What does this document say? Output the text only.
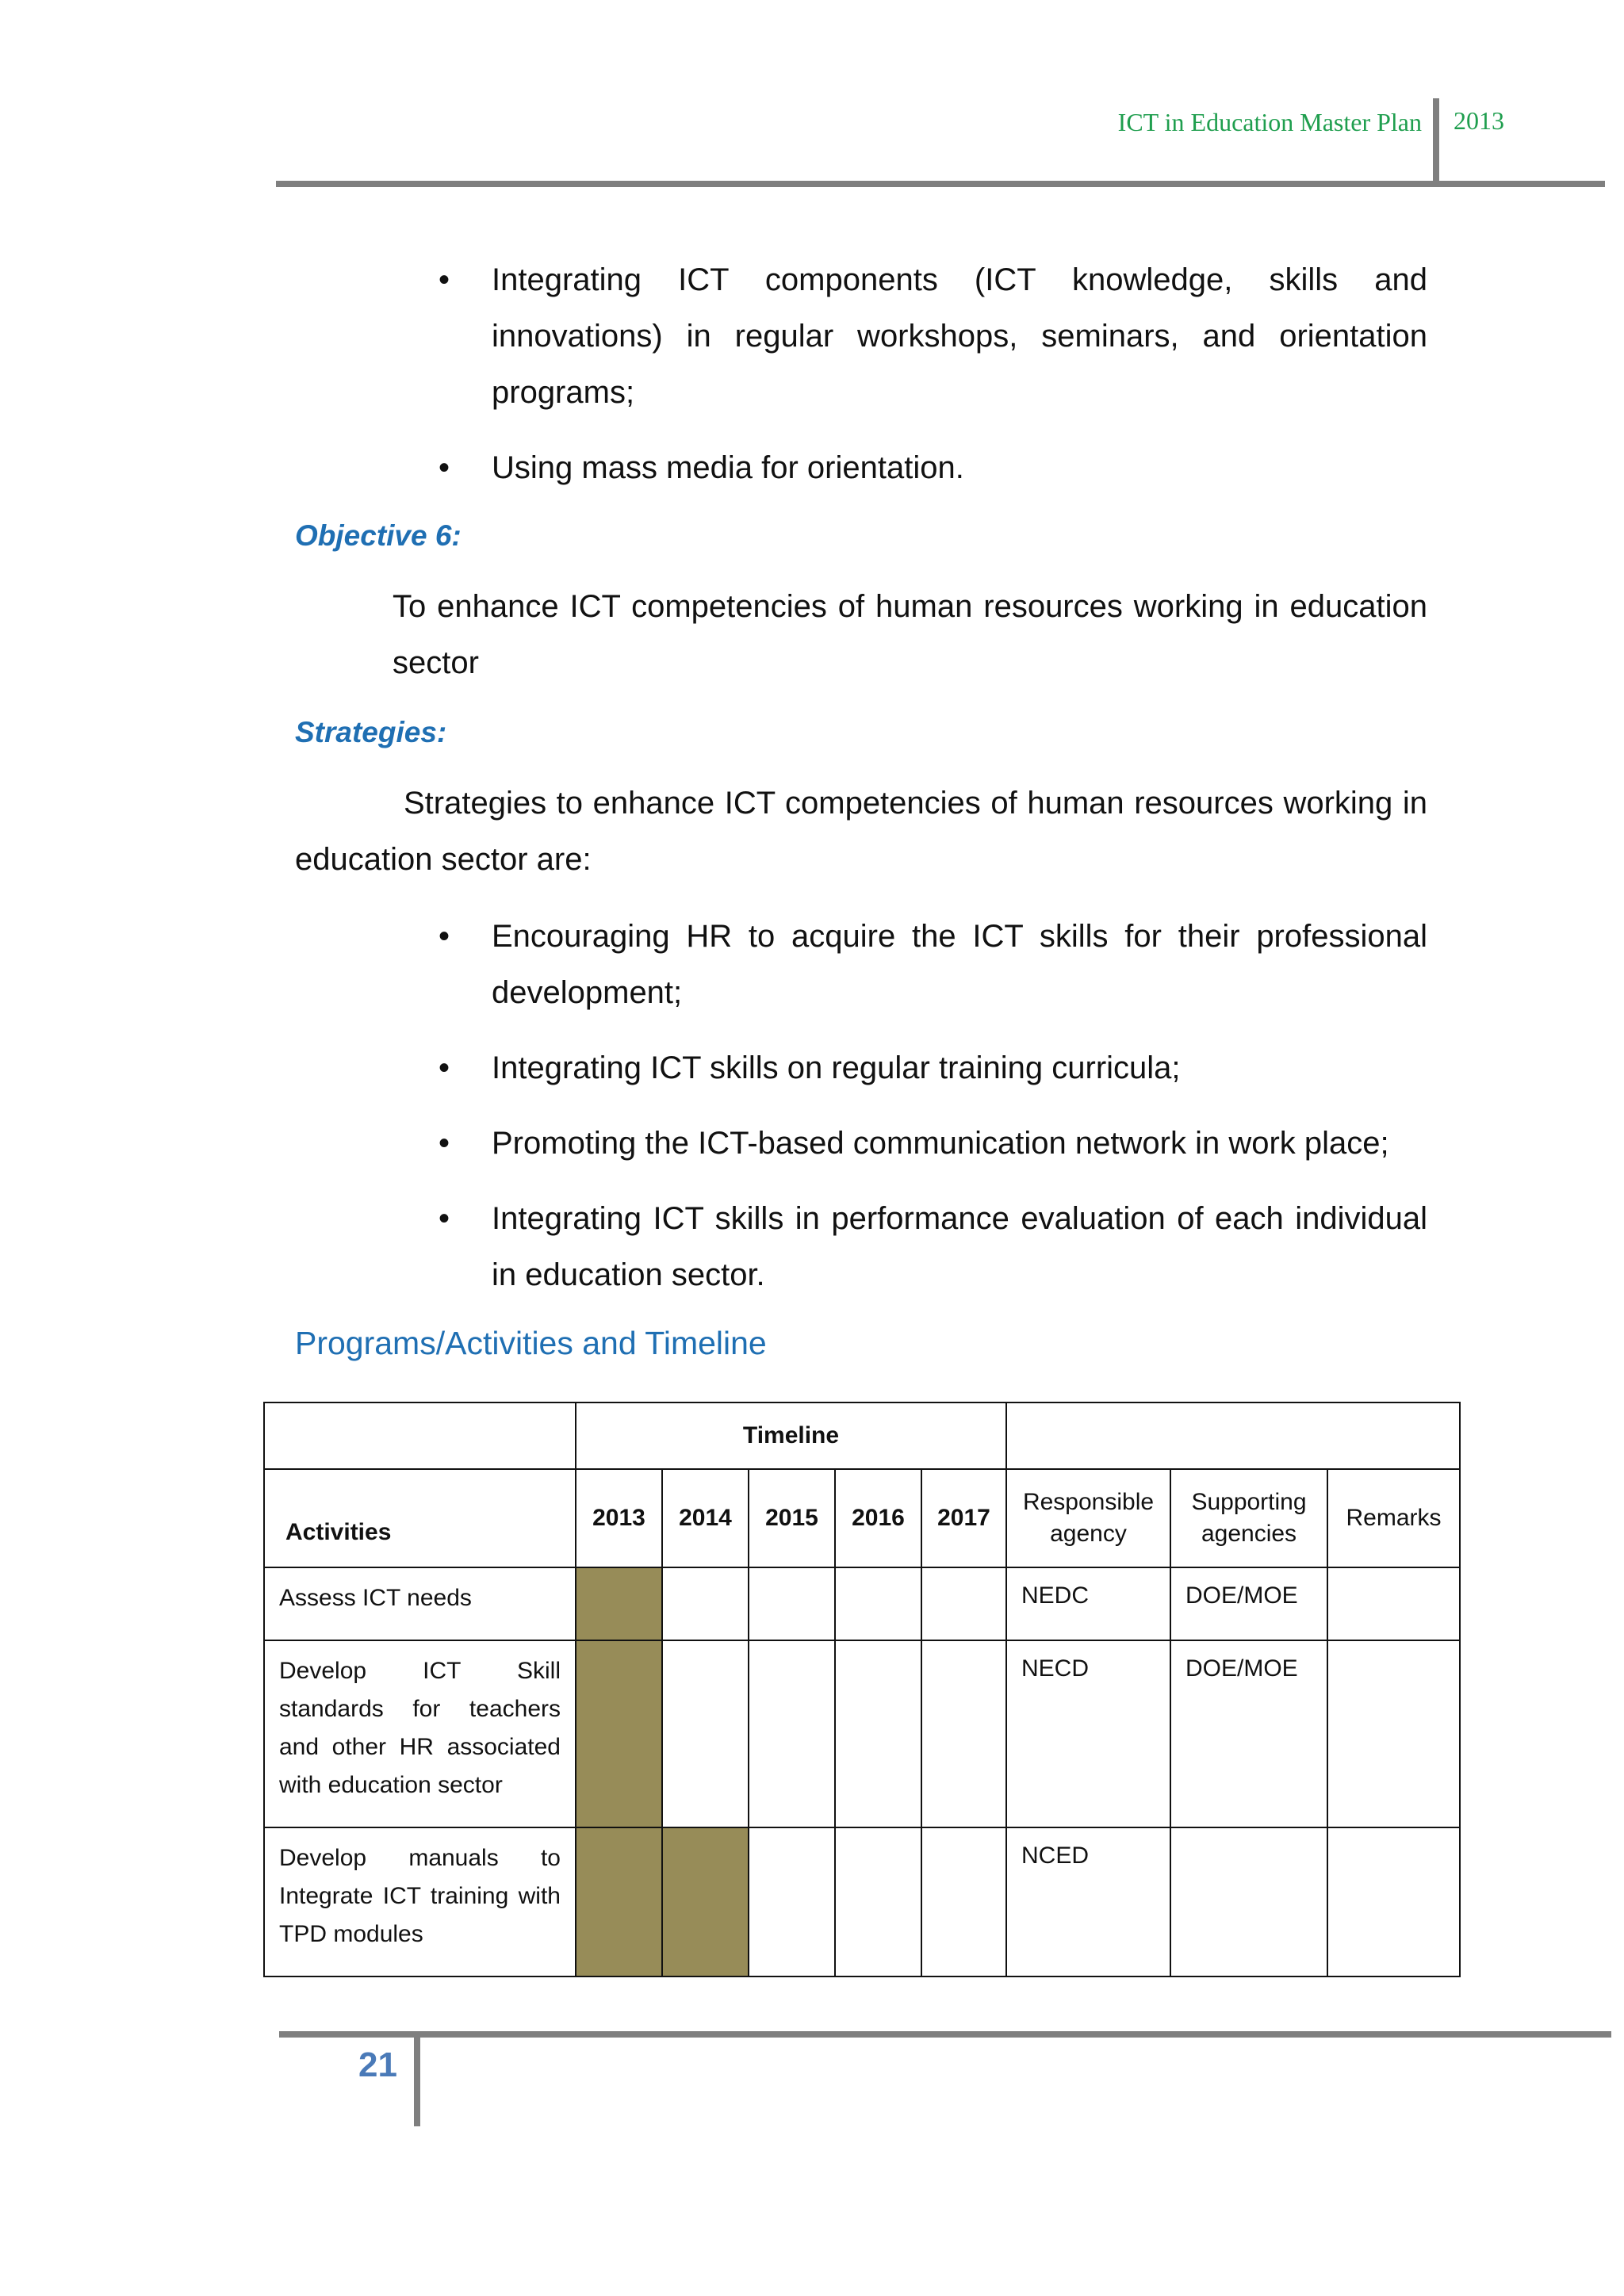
ICT in Education Master Plan 2013
• Integrating ICT components (ICT knowledge, skills and innovations) in regular workshops, seminars, and orientation programs;
• Using mass media for orientation.
Objective 6:
To enhance ICT competencies of human resources working in education sector
Strategies:
Strategies to enhance ICT competencies of human resources working in education sector are:
• Encouraging HR to acquire the ICT skills for their professional development;
• Integrating ICT skills on regular training curricula;
• Promoting the ICT-based communication network in work place;
• Integrating ICT skills in performance evaluation of each individual in education sector.
Programs/Activities and Timeline
	Timeline							
Activities	2013	2014	2015	2016	2017	Responsible agency	Supporting agencies	Remarks
Assess ICT needs						NEDC	DOE/MOE	
Develop ICT Skill standards for teachers and other HR associated with education sector						NECD	DOE/MOE	
Develop manuals to Integrate ICT training with TPD modules						NCED		
21
